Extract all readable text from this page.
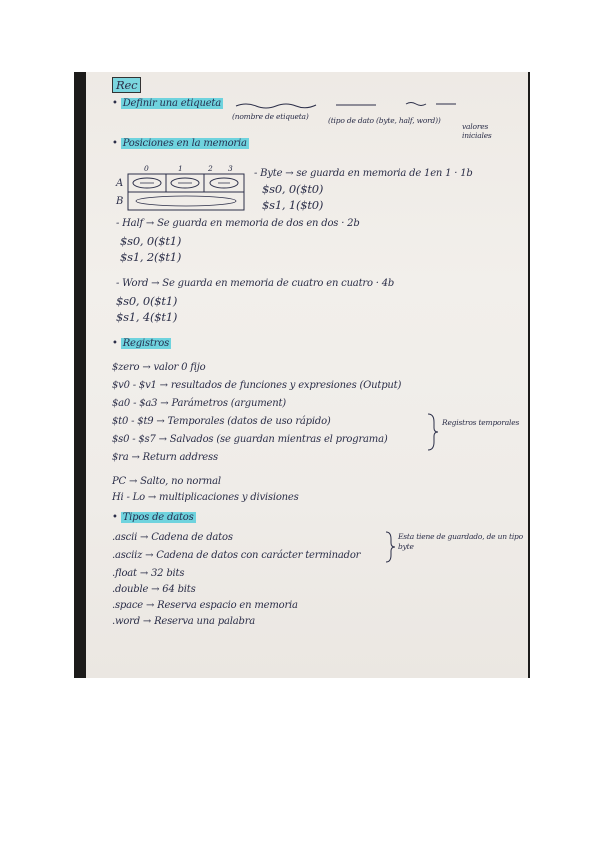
Rec
• Definir una etiqueta
(nombre de etiqueta)	(tipo de dato (byte, half, word))
valores iniciales
• Posiciones en la memoria
0	1	2 3
A
B
- Byte → se guarda en memoria de 1en 1 · 1b
$s0, 0($t0)
$s1, 1($t0)
- Half → Se guarda en memoria de dos en dos · 2b
$s0, 0($t1)
$s1, 2($t1)
- Word → Se guarda en memoria de cuatro en cuatro · 4b
$s0, 0($t1)
$s1, 4($t1)
• Registros
$zero → valor 0 fijo
$v0 - $v1 → resultados de funciones y expresiones (Output)
$a0 - $a3 → Parámetros (argument)
$t0 - $t9 → Temporales (datos de uso rápido)
$s0 - $s7 → Salvados (se guardan mientras el programa)
$ra → Return address
PC → Salto, no normal
Hi - Lo → multiplicaciones y divisiones
Registros temporales
• Tipos de datos
.ascii → Cadena de datos
.asciiz → Cadena de datos con carácter terminador
.float → 32 bits
.double → 64 bits
.space → Reserva espacio en memoria
.word → Reserva una palabra
Esta tiene de guardado, de un tipo byte
